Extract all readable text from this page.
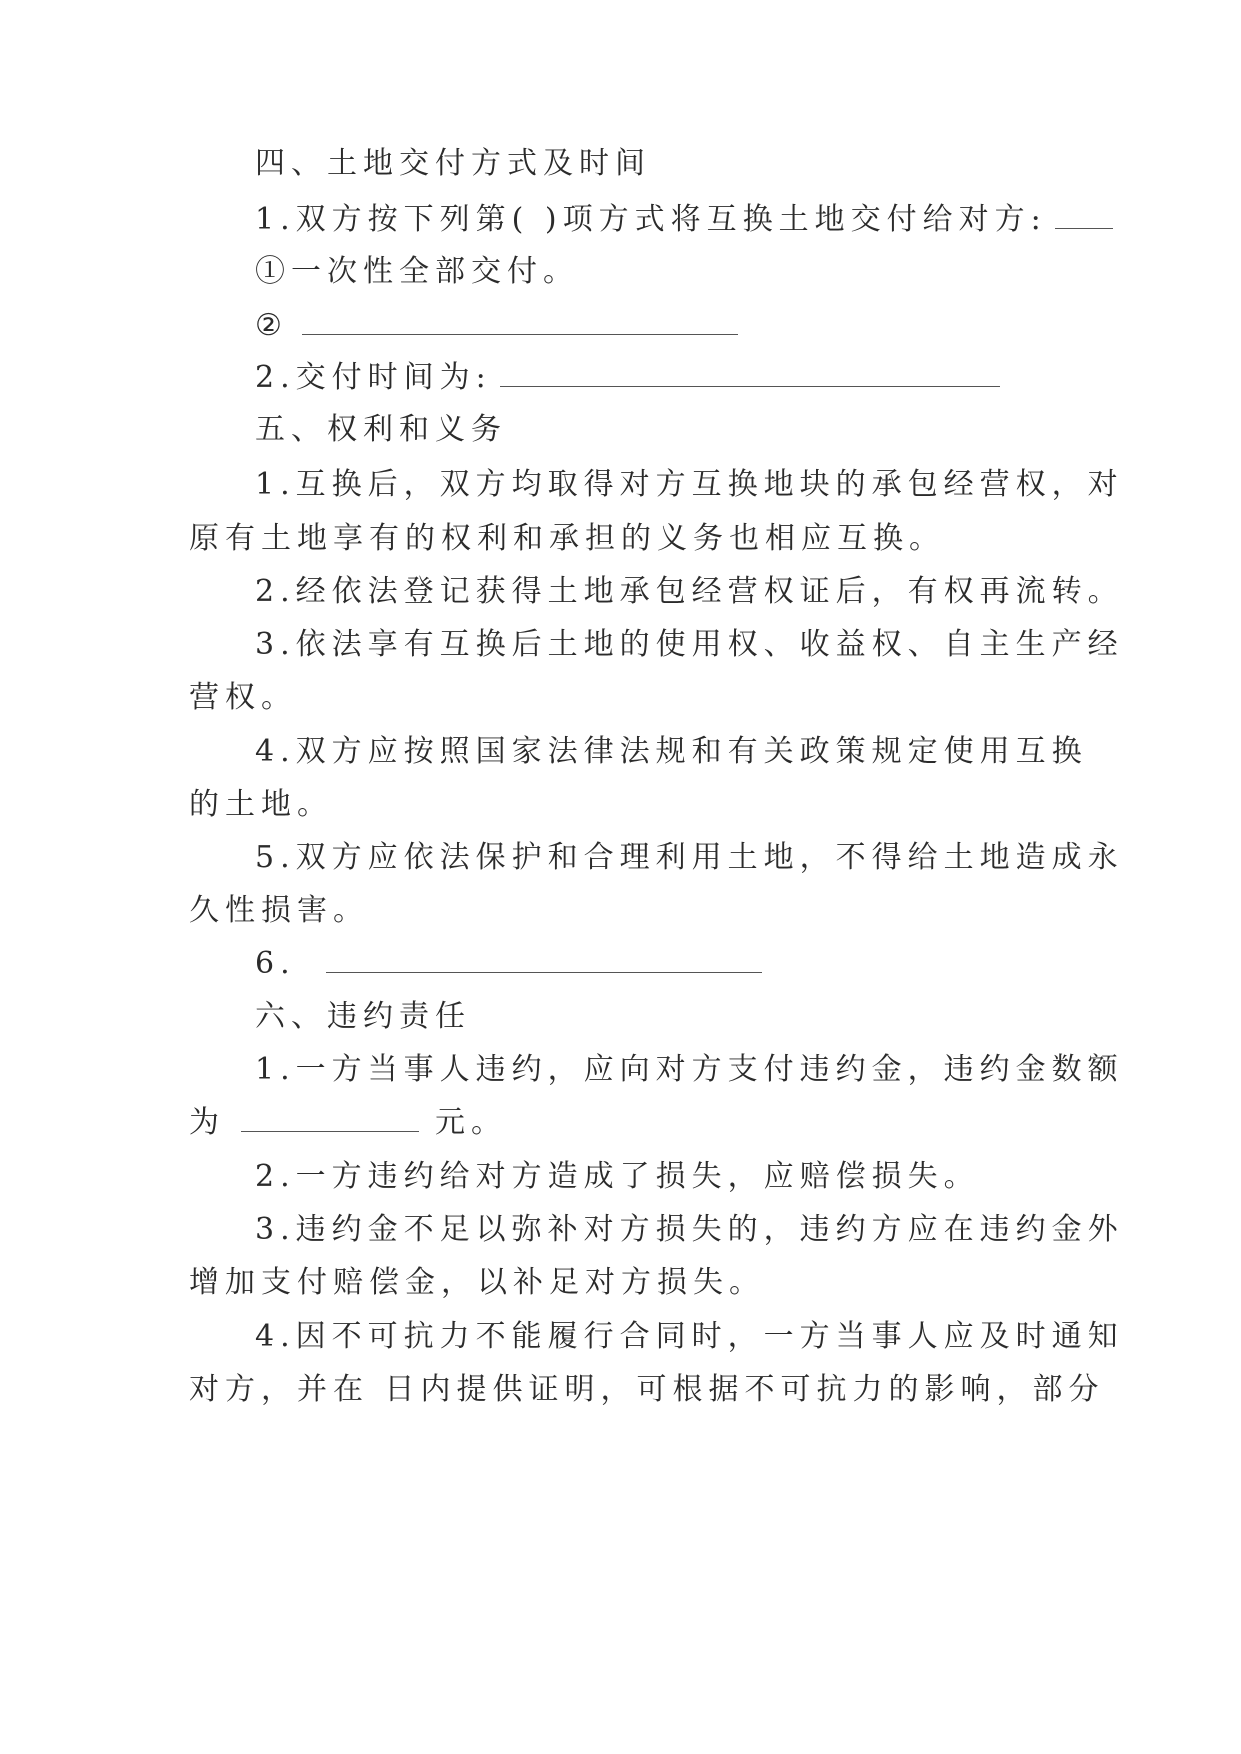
四、土地交付方式及时间
1.双方按下列第( )项方式将互换土地交付给对方:
①一次性全部交付。
②
2.交付时间为:
五、权利和义务
1.互换后，双方均取得对方互换地块的承包经营权，对
原有土地享有的权利和承担的义务也相应互换。
2.经依法登记获得土地承包经营权证后，有权再流转。
3.依法享有互换后土地的使用权、收益权、自主生产经
营权。
4.双方应按照国家法律法规和有关政策规定使用互换
的土地。
5.双方应依法保护和合理利用土地，不得给土地造成永
久性损害。
6.
六、违约责任
1.一方当事人违约，应向对方支付违约金，违约金数额
为	元。
2.一方违约给对方造成了损失，应赔偿损失。
3.违约金不足以弥补对方损失的，违约方应在违约金外
增加支付赔偿金，以补足对方损失。
4.因不可抗力不能履行合同时，一方当事人应及时通知
对方，并在 日内提供证明，可根据不可抗力的影响，部分
